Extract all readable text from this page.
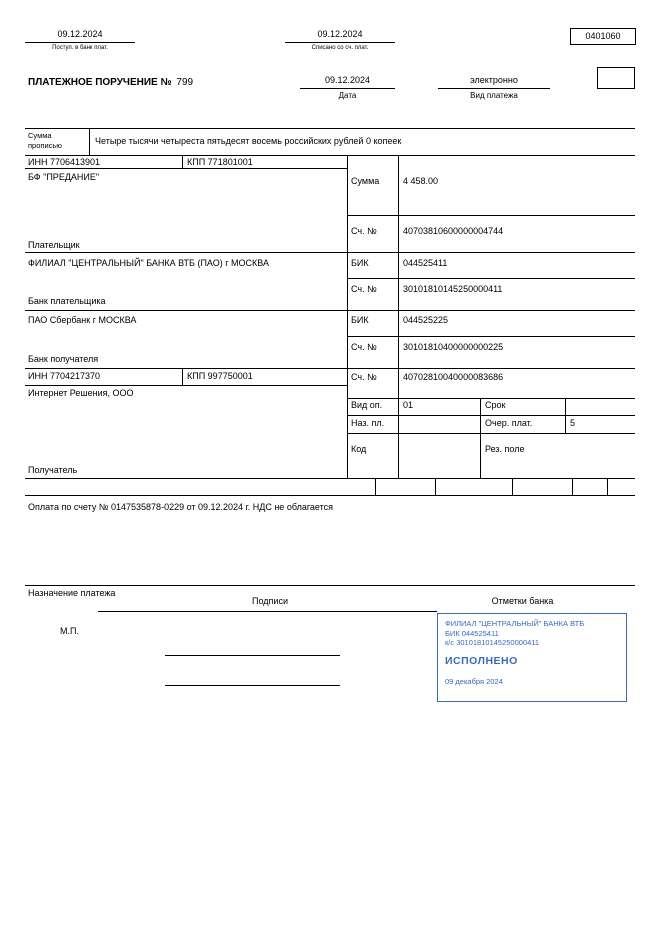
09.12.2024
Поступ. в банк плат.
09.12.2024
Списано со сч. плат.
0401060
ПЛАТЕЖНОЕ ПОРУЧЕНИЕ № 799	09.12.2024
Дата
электронно
Вид платежа
Сумма прописью	Четыре тысячи четыреста пятьдесят восемь российских рублей 0 копеек
ИНН 7706413901	КПП 771801001
БФ "ПРЕДАНИЕ"
Плательщик
Сумма	4 458.00
Сч. №	40703810600000004744
ФИЛИАЛ "ЦЕНТРАЛЬНЫЙ" БАНКА ВТБ (ПАО) г МОСКВА	БИК	044525411
Сч. №	30101810145250000411
Банк плательщика
ПАО Сбербанк г МОСКВА	БИК	044525225
Сч. №	30101810400000000225
Банк получателя
ИНН 7704217370	КПП 997750001	Сч. №	40702810040000083686
Интернет Решения, ООО
Вид оп. 01	Срок
Наз. пл.	Очер. плат.	5
Код	Рез. поле
Получатель
Оплата по счету № 0147535878-0229 от 09.12.2024 г. НДС не облагается
Назначение платежа
Подписи	Отметки банка
М.П.
ФИЛИАЛ "ЦЕНТРАЛЬНЫЙ" БАНКА ВТБ
БИК 044525411
к/с 30101810145250000411
ИСПОЛНЕНО
09 декабря 2024
